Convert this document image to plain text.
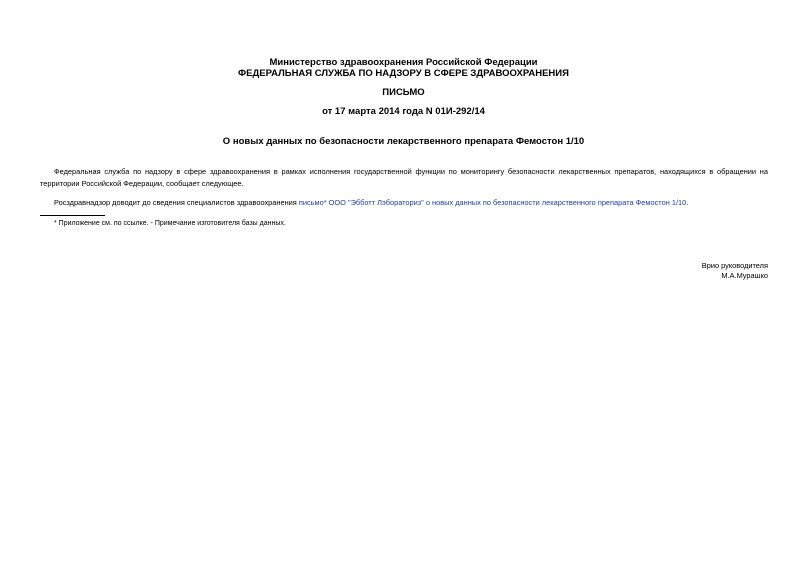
Министерство здравоохранения Российской Федерации
ФЕДЕРАЛЬНАЯ СЛУЖБА ПО НАДЗОРУ В СФЕРЕ ЗДРАВООХРАНЕНИЯ
ПИСЬМО
от 17 марта 2014 года N 01И-292/14
О новых данных по безопасности лекарственного препарата Фемостон 1/10
Федеральная служба по надзору в сфере здравоохранения в рамках исполнения государственной функции по мониторингу безопасности лекарственных препаратов, находящихся в обращении на территории Российской Федерации, сообщает следующее.
Росздравнадзор доводит до сведения специалистов здравоохранения письмо* ООО "Эбботт Лэбораториз" о новых данных по безопасности лекарственного препарата Фемостон 1/10.
* Приложение см. по ссылке. - Примечание изготовителя базы данных.
Врио руководителя
М.А.Мурашко
